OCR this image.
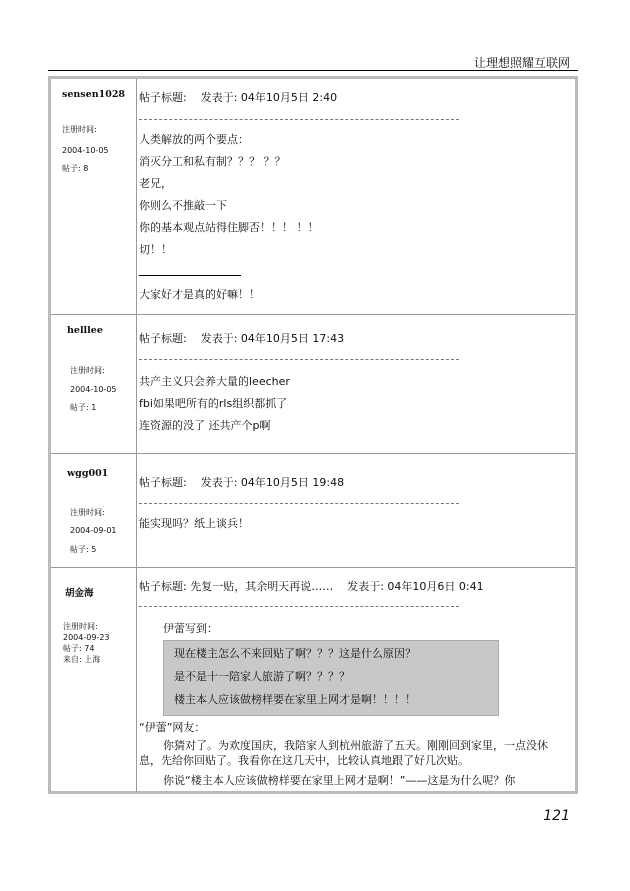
让理想照耀互联网
sensen1028
注册时间:
2004-10-05
帖子: 8
帖子标题:    发表于: 04年10月5日 2:40
人类解放的两个要点：
消灭分工和私有制？？？ ？？
老兄，
你则么不推敲一下
你的基本观点站得住脚否！！！ ！！
切！！
大家好才是真的好嘛！！
helllee
注册时间:
2004-10-05
帖子: 1
帖子标题:    发表于: 04年10月5日 17:43
共产主义只会养大量的leecher
fbi如果吧所有的rls组织都抓了
连资源的没了 还共产个p啊
wgg001
注册时间:
2004-09-01
帖子: 5
帖子标题:    发表于: 04年10月5日 19:48
能实现吗？纸上谈兵！
胡金海
注册时间:
2004-09-23
帖子: 74
来自: 上海
帖子标题: 先复一贴，其余明天再说……    发表于: 04年10月6日 0:41
伊蕾写到：
现在楼主怎么不来回贴了啊？？？这是什么原因？
是不是十一陪家人旅游了啊？？？？
楼主本人应该做榜样要在家里上网才是啊！！！！
“伊蕾”网友：
你猜对了。为欢度国庆，我陪家人到杭州旅游了五天。刚刚回到家里，一点没休息，先给你回贴了。我看你在这几天中，比较认真地跟了好几次贴。
你说“楼主本人应该做榜样要在家里上网才是啊！”——这是为什么呢？你
121
